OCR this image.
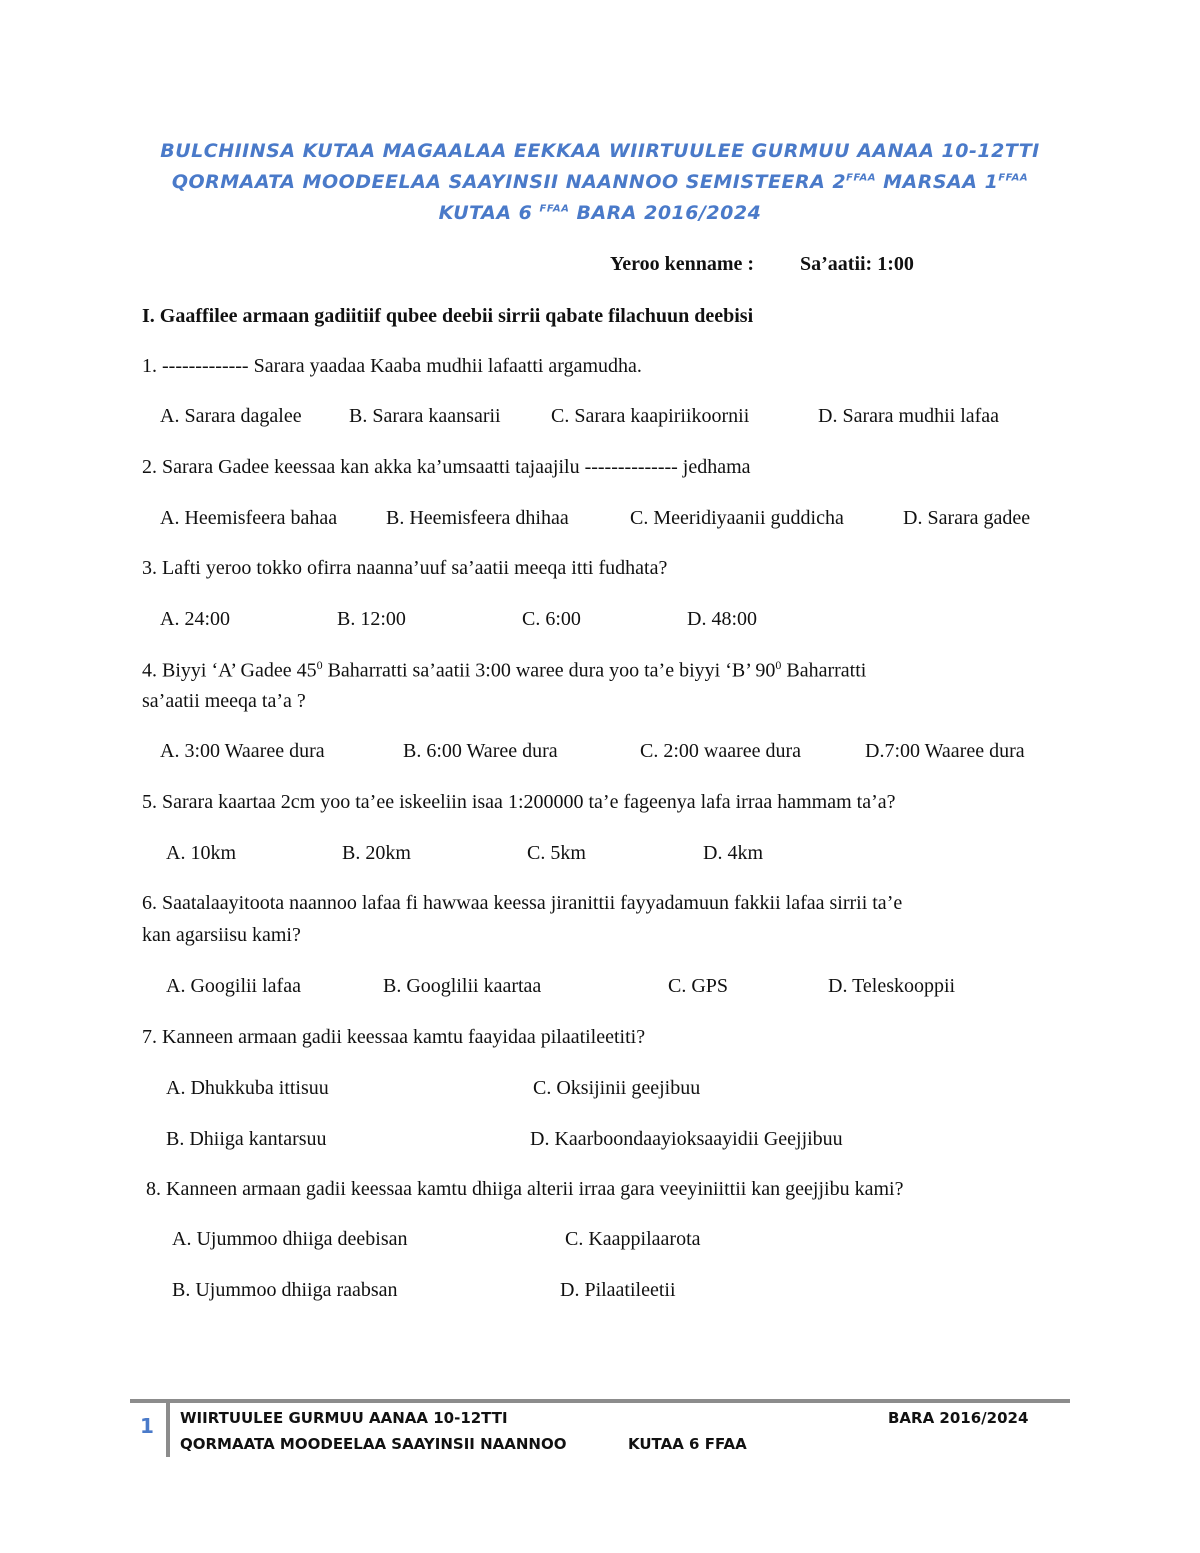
BULCHIINSA KUTAA MAGAALAA EEKKAA WIIRTUULEE GURMUU AANAA 10-12TTI
QORMAATA MOODEELAA SAAYINSII NAANNOO SEMISTEERA $2^{FFAA}$ MARSAA $1^{FFAA}$
KUTAA 6 $^{FFAA}$ BARA 2016/2024
Yeroo kenname : Sa’aatii: 1:00
I. Gaaffilee armaan gadiitiif qubee deebii sirrii qabate filachuun deebisi
1. ------------- Sarara yaadaa Kaaba mudhii lafaatti argamudha.
A. Sarara dagalee B. Sarara kaansarii	C. Sarara kaapiriikoornii	D. Sarara mudhii lafaa
2. Sarara Gadee keessaa kan akka ka’umsaatti tajaajilu -------------- jedhama
A. Heemisfeera bahaa B. Heemisfeera dhihaa	C. Meeridiyaanii guddicha	D. Sarara gadee
3. Lafti yeroo tokko ofirra naanna’uuf sa’aatii meeqa itti fudhata?
A. 24:00	B. 12:00	C. 6:00	D. 48:00
4. Biyyi ‘A’ Gadee $45^0$ Baharratti sa’aatii 3:00 waree dura yoo ta’e biyyi ‘B’ $90^0$ Baharratti
sa’aatii meeqa ta’a ?
A. 3:00 Waaree dura	B. 6:00 Waree dura	C. 2:00 waaree dura	D.7:00 Waaree dura
5. Sarara kaartaa 2cm yoo ta’ee iskeeliin isaa 1:200000 ta’e fageenya lafa irraa hammam ta’a?
A. 10km	B. 20km	C. 5km	D. 4km
6. Saatalaayitoota naannoo lafaa fi hawwaa keessa jiranittii fayyadamuun fakkii lafaa sirrii ta’e
kan agarsiisu kami?
A. Googilii lafaa	B. Googlilii kaartaa	C. GPS	D. Teleskooppii
7. Kanneen armaan gadii keessaa kamtu faayidaa pilaatileetiti?
A. Dhukkuba ittisuu	C. Oksijinii geejibuu
B. Dhiiga kantarsuu	D. Kaarboondaayioksaayidii Geejjibuu
8. Kanneen armaan gadii keessaa kamtu dhiiga alterii irraa gara veeyiniittii kan geejjibu kami?
A. Ujummoo dhiiga deebisan	C. Kaappilaarota
B. Ujummoo dhiiga raabsan	D. Pilaatileetii
1 WIIRTUULEE GURMUU AANAA 10-12TTI
QORMAATA MOODEELAA SAAYINSII NAANNOO	KUTAA 6 FFAA
BARA 2016/2024
